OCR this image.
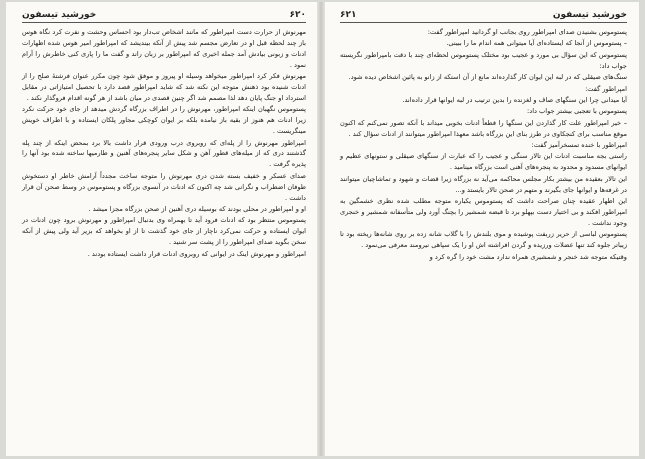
۶۲۰
خورشید تیسفون

مهرنوش از حرارت دست امپراطور که مانند اشخاص تب‌دار بود احساس وحشت و نفرت کرد نگاه هوس باز چند لحظه قبل او در تعارض مجسم شد پیش از آنکه بیندیشد که امپراطور امیر هوس شده اظهارات ادنات و زبونی بیادش آمد جمله اخیری که امپراطور بر زبان راند و گفت ما را پاری کنی خاطرش را آرام نمود .

مهرنوش فکر کرد امپراطور میخواهد وسیله او پیروز و موفق شود چون مکرر عنوان فرشتهٔ صلح را از ادنات شنیده بود ذهنش متوجه این نکته شد که شاید امپراطور قصد دارد با تحصیل امتیازاتی در مقابل استرداد او جنگ پایان دهد لذا مصمم شد اگر چنین قصدی در میان باشد از هر گونه اقدام فروگذار نکند .

پستوموس نگهبان اینکه امپراطور، مهرنوش را در اطراف بزرگاه گردش میدهد از جای خود حرکت نکرد زیرا ادنات هم هنوز از بقیه باز نیامده بلکه بر ایوان کوچکی مجاور پلکان ایستاده و با اطراف خویش مینگریست .

امپراطور مهرنوش را از پله‌ای که روبروی درب ورودی قرار داشت بالا برد بمحض اینکه از چند پله گذشتند دری که از میله‌های قطور آهن و شکل سایر پنجره‌های آهنین و طارمیها ساخته شده بود آنها را پذیره گرفت .

صدای عسکر و خفیف بسته شدن دری مهرنوش را متوجه ساخت مجدداً آرامش خاطر او دستخوش طوفان اضطراب و نگرانی شد چه اکنون که ادنات در آنسوی بزرگاه و پستوموس در وسط صحن آن قرار داشت .

او و امپراطور در محلی بودند که بوسیله دری آهنین از صحن بزرگاه مجزا میشد .

پستوموس منتظر بود که ادنات فرود آید تا بهمراه وی بدنبال امپراطور و مهرنوش برود چون ادنات در ایوان ایستاده و حرکت نمی‌کرد ناچار از جای خود گذشت تا از او بخواهد که بزیر آید ولی پیش از آنکه سخن بگوید صدای امپراطور را از پشت سر شنید .

امپراطور و مهرنوش اینک در ایوانی که روبروی ادنات قرار داشت ایستاده بودند .

خورشید تیسفون
۶۲۱

پستوموس بشنیدن صدای امپراطور روی بجانب او گردانید امپراطور گفت:

– پستوموس از آنجا که ایستاده‌ای آیا میتوانی همه اندام ما را ببینی.

پستوموس که این سؤال بی مورد و عجیب بود مختلک پستوموس لحظه‌ای چند با دقت بامپراطور نگریسته جواب داد:

سنگ‌های صیقلی که در لبه این ایوان کار گذارده‌اند مانع از آن استکه از زانو به پائین اشخاص دیده شود.

امپراطور گفت:

آیا میدانی چرا این سنگهای صاف و لغزنده را بدین ترتیب در لبه ایوانها قرار داده‌اند.

پستوموس با تعجبی بیشتر جواب داد:

– خیر امپراطور علت کار گذاردن این سنگها را قطعاً ادنات بخوبی میداند با آنکه تصور نمی‌کنم که اکنون موقع مناسب برای کنجکاوی در طرز بنای این بزرگاه باشد معهذا امپراطور میتوانند از ادنات سؤال کند .

امپراطور با خنده تمسخرآمیز گفت:

راستی بجه مناسبت ادنات این تالار سنگی و عجیب را که عبارت از سنگهای صیقلی و ستونهای عظیم و ایوانهای مسدود و محدود به پنجره‌های آهنی است بزرگاه مینامید .

این تالار بعقیده من بیشتر بکار مجلس محاکمه می‌آید نه بزرگاه زیرا قضات و شهود و تماشاچیان میتوانند در غرفه‌ها و ایوانها جای بگیرند و متهم در صحن تالار بایستد و...

این اظهار عقیده چنان صراحت داشت که پستوموس یکباره متوجه مطلب شده نظری خشمگین به امپراطور افکند و بی اختیار دست بپهلو برد تا قبضه شمشیر را بچنگ آورد ولی متأسفانه شمشیر و خنجری وجود نداشت .

پستوموس لباسی از حریر زربفت پوشیده و موی بلندش را با گلاب شانه زده بر روی شانه‌ها ریخته بود تا زیباتر جلوه کند تنها عضلات ورزیده و گردن افراشته اش او را یک سپاهی نیرومند معرفی می‌نمود .

وقتیکه متوجه شد خنجر و شمشیری همراه ندارد مشت خود را گره کرد و
